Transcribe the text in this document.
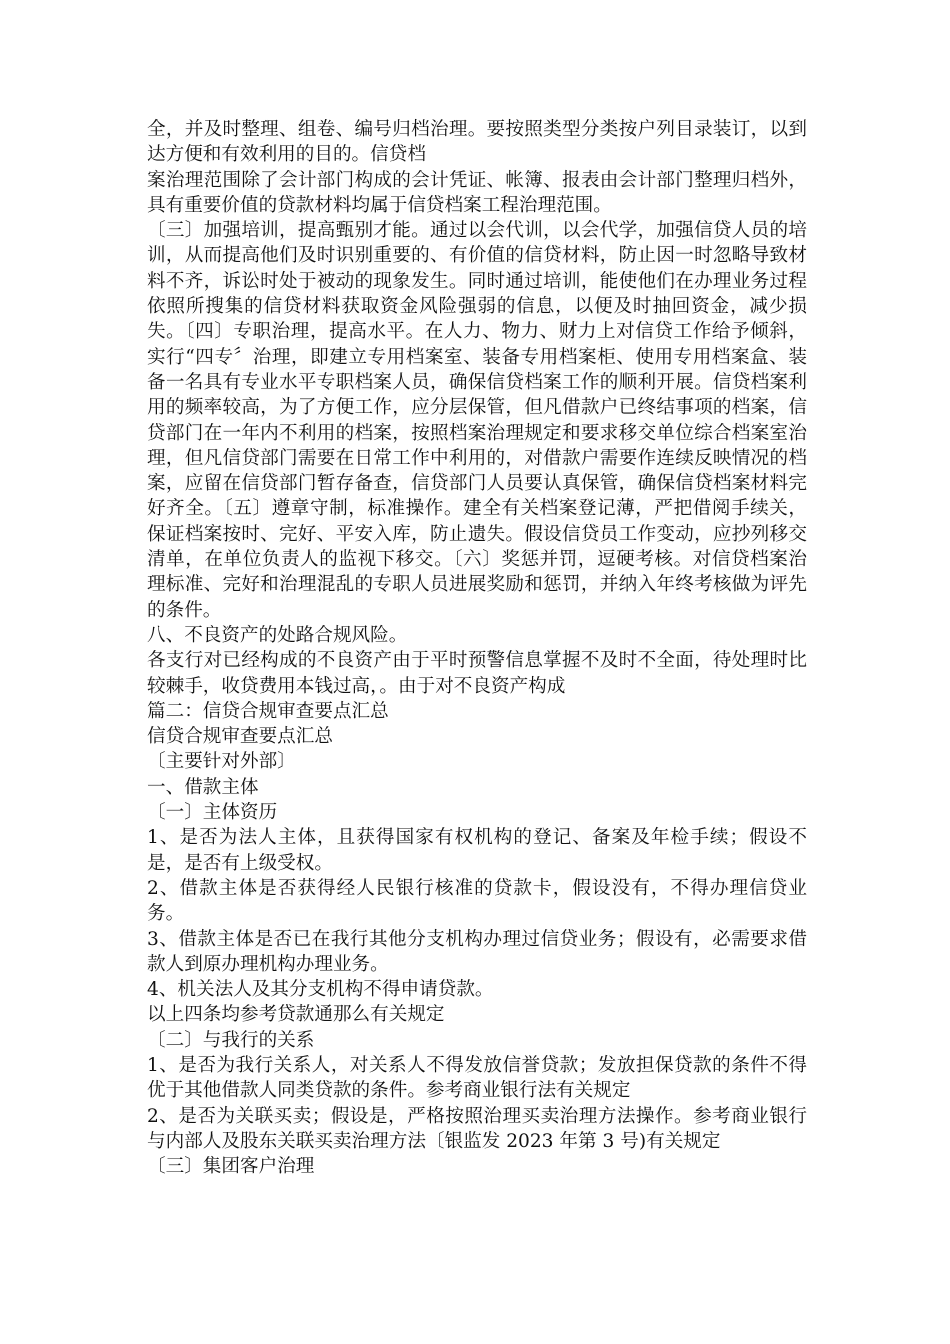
全，并及时整理、组卷、编号归档治理。要按照类型分类按户列目录装订，以到达方便和有效利用的目的。信贷档

案治理范围除了会计部门构成的会计凭证、帐簿、报表由会计部门整理归档外，具有重要价值的贷款材料均属于信贷档案工程治理范围。

〔三〕加强培训，提高甄别才能。通过以会代训，以会代学，加强信贷人员的培训，从而提高他们及时识别重要的、有价值的信贷材料，防止因一时忽略导致材料不齐，诉讼时处于被动的现象发生。同时通过培训，能使他们在办理业务过程依照所搜集的信贷材料获取资金风险强弱的信息，以便及时抽回资金，减少损失。〔四〕专职治理，提高水平。在人力、物力、财力上对信贷工作给予倾斜，实行“四专〞治理，即建立专用档案室、装备专用档案柜、使用专用档案盒、装备一名具有专业水平专职档案人员，确保信贷档案工作的顺利开展。信贷档案利用的频率较高，为了方便工作，应分层保管，但凡借款户已终结事项的档案，信贷部门在一年内不利用的档案，按照档案治理规定和要求移交单位综合档案室治理，但凡信贷部门需要在日常工作中利用的，对借款户需要作连续反映情况的档案，应留在信贷部门暂存备查，信贷部门人员要认真保管，确保信贷档案材料完好齐全。〔五〕遵章守制，标准操作。建全有关档案登记薄，严把借阅手续关，保证档案按时、完好、平安入库，防止遗失。假设信贷员工作变动，应抄列移交清单，在单位负责人的监视下移交。〔六〕奖惩并罚，逗硬考核。对信贷档案治理标准、完好和治理混乱的专职人员进展奖励和惩罚，并纳入年终考核做为评先的条件。

八、不良资产的处路合规风险。

各支行对已经构成的不良资产由于平时预警信息掌握不及时不全面，待处理时比较棘手，收贷费用本钱过高，。由于对不良资产构成

篇二：信贷合规审查要点汇总

信贷合规审查要点汇总

〔主要针对外部〕

一、借款主体

〔一〕主体资历

1、是否为法人主体，且获得国家有权机构的登记、备案及年检手续；假设不是，是否有上级受权。

2、借款主体是否获得经人民银行核准的贷款卡，假设没有，不得办理信贷业务。

3、借款主体是否已在我行其他分支机构办理过信贷业务；假设有，必需要求借款人到原办理机构办理业务。

4、机关法人及其分支机构不得申请贷款。

以上四条均参考贷款通那么有关规定

〔二〕与我行的关系

1、是否为我行关系人，对关系人不得发放信誉贷款；发放担保贷款的条件不得优于其他借款人同类贷款的条件。参考商业银行法有关规定

2、是否为关联买卖；假设是，严格按照治理买卖治理方法操作。参考商业银行与内部人及股东关联买卖治理方法〔银监发 2023 年第 3 号)有关规定

〔三〕集团客户治理
